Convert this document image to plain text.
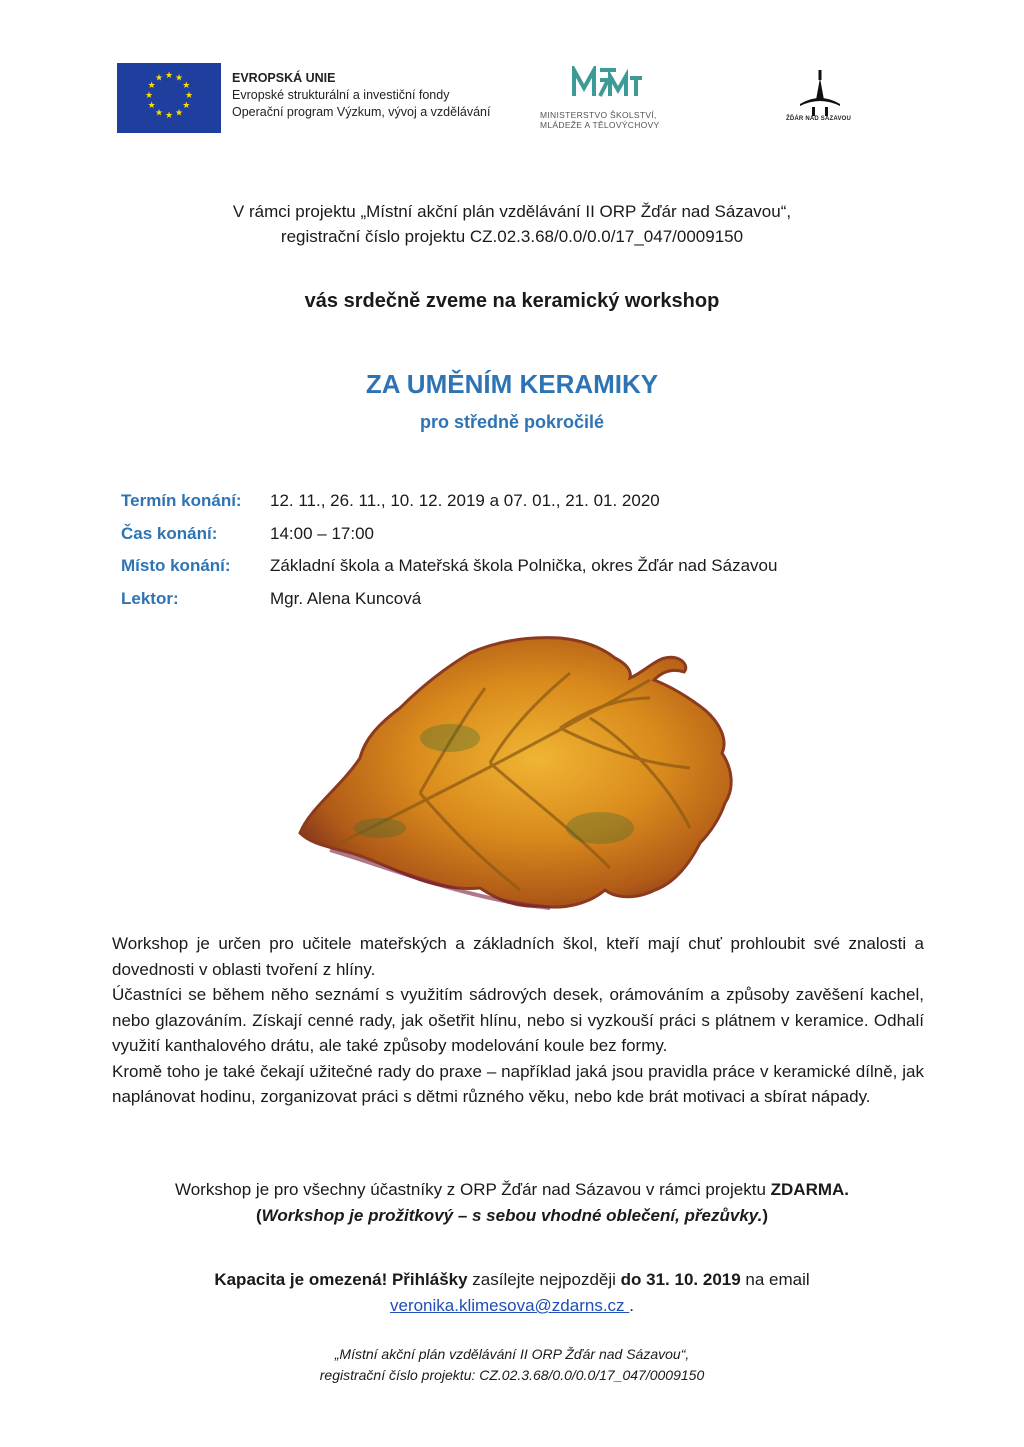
★ ★
★
★
★
★
★
★
★
★
★
★	EVROPSKÁ UNIE
Evropské strukturální a investiční fondy
Operační program Výzkum, vývoj a vzdělávání	MINISTERSTVO ŠKOLSTVÍ,
MLÁDEŽE A TĚLOVÝCHOVY
ŽĎÁR NAD SÁZAVOU
V rámci projektu „Místní akční plán vzdělávání II ORP Žďár nad Sázavou“,
registrační číslo projektu CZ.02.3.68/0.0/0.0/17_047/0009150
vás srdečně zveme na keramický workshop
ZA UMĚNÍM KERAMIKY
pro středně pokročilé
Termín konání: 12. 11., 26. 11., 10. 12. 2019 a 07. 01., 21. 01. 2020
Čas konání:	14:00 – 17:00
Místo konání: Základní škola a Mateřská škola Polnička, okres Žďár nad Sázavou
Lektor:	Mgr. Alena Kuncová

Workshop je určen pro učitele mateřských a základních škol, kteří mají chuť prohloubit své znalosti a dovednosti v oblasti tvoření z hlíny.

Účastníci se během něho seznámí s využitím sádrových desek, orámováním a způsoby zavěšení kachel, nebo glazováním. Získají cenné rady, jak ošetřit hlínu, nebo si vyzkouší práci s plátnem v keramice. Odhalí využití kanthalového drátu, ale také způsoby modelování koule bez formy.

Kromě toho je také čekají užitečné rady do praxe – například jaká jsou pravidla práce v keramické dílně, jak naplánovat hodinu, zorganizovat práci s dětmi různého věku, nebo kde brát motivaci a sbírat nápady.

Workshop je pro všechny účastníky z ORP Žďár nad Sázavou v rámci projektu ZDARMA.
(Workshop je prožitkový – s sebou vhodné oblečení, přezůvky.)
Kapacita je omezená! Přihlášky zasílejte nejpozději do 31. 10. 2019 na email
veronika.klimesova@zdarns.cz .
„Místní akční plán vzdělávání II ORP Žďár nad Sázavou“,
registrační číslo projektu: CZ.02.3.68/0.0/0.0/17_047/0009150
